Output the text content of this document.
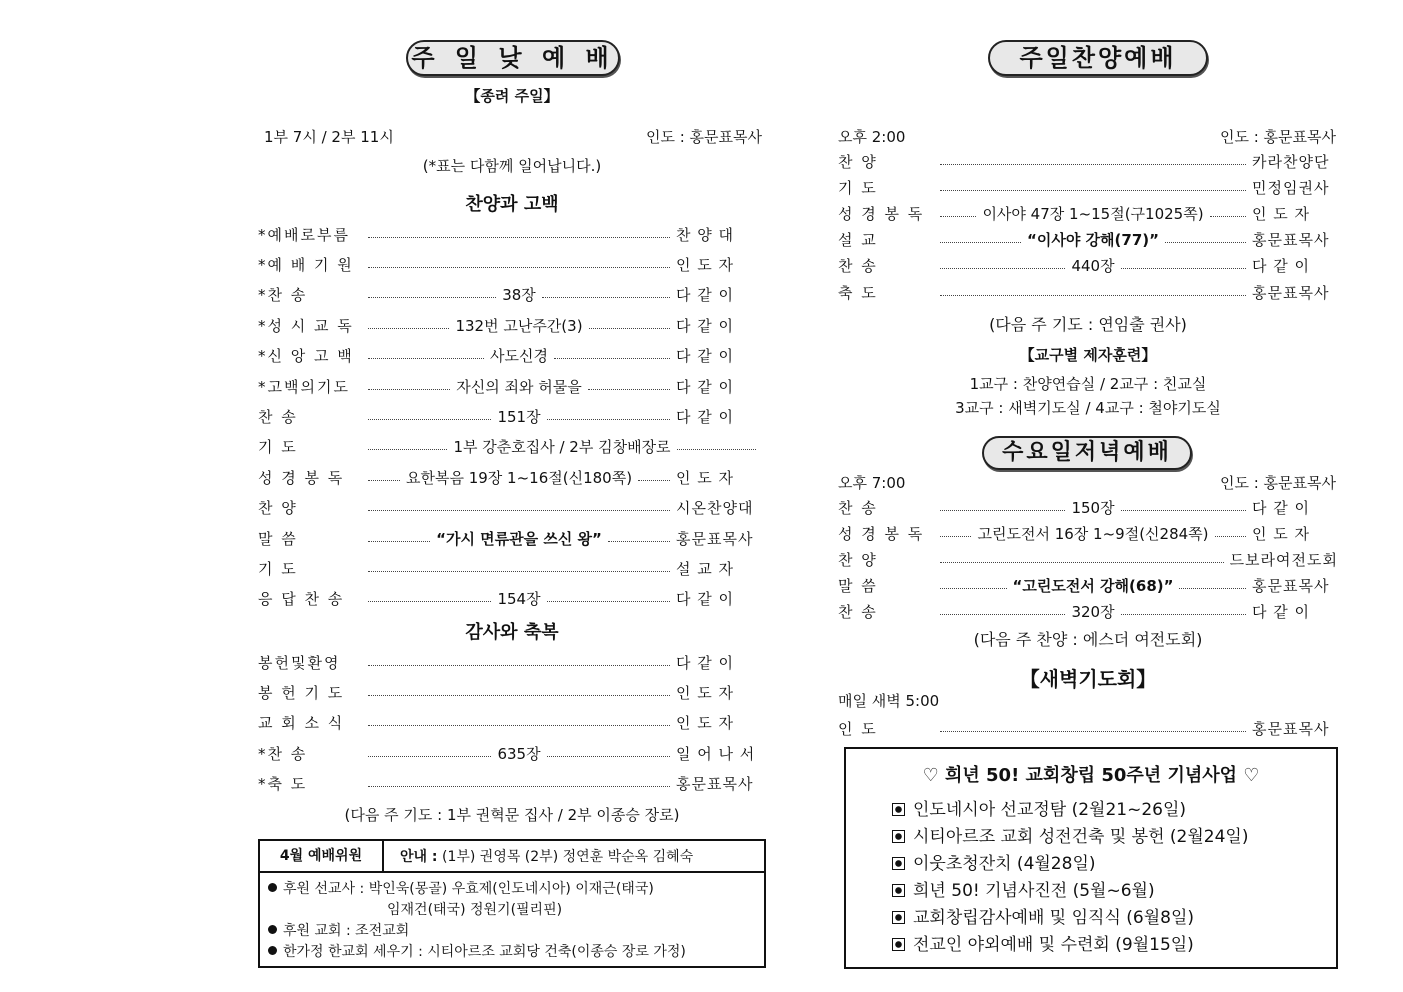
주 일 낮 예 배
【종려 주일】
1부 7시 / 2부 11시	인도 : 홍문표목사
(*표는 다함께 일어납니다.)
찬양과 고백
*예배로부름	찬 양 대
*예 배 기 원	인 도 자
*찬 송	38장	다 같 이
*성 시 교 독	132번 고난주간(3)	다 같 이
*신 앙 고 백	사도신경	다 같 이
*고백의기도	자신의 죄와 허물을	다 같 이
찬 송	151장	다 같 이
기 도	1부 강춘호집사 / 2부 김창배장로
성 경 봉 독	요한복음 19장 1~16절(신180쪽)	인 도 자
찬 양	시온찬양대
말 씀	“가시 면류관을 쓰신 왕”	홍문표목사
기 도	설 교 자
응 답 찬 송	154장	다 같 이
감사와 축복
봉헌및환영	다 같 이
봉 헌 기 도	인 도 자
교 회 소 식	인 도 자
*찬 송	635장	일 어 나 서
*축 도	홍문표목사
(다음 주 기도 : 1부 권혁문 집사 / 2부 이종승 장로)
4월 예배위원	안내 : (1부) 권영목 (2부) 정연훈 박순옥 김혜숙
후원 선교사 : 박인욱(몽골) 우효제(인도네시아) 이재근(태국)
임재건(태국) 정원기(필리핀)
후원 교회 : 조전교회
한가정 한교회 세우기 : 시티아르조 교회당 건축(이종승 장로 가정)
주일찬양예배
오후 2:00	인도 : 홍문표목사
찬 양	카라찬양단
기 도	민정임권사
성 경 봉 독	이사야 47장 1~15절(구1025쪽)	인 도 자
설 교	“이사야 강해(77)”	홍문표목사
찬 송	440장	다 같 이
축 도	홍문표목사
(다음 주 기도 : 연임출 권사)
【교구별 제자훈련】
1교구 : 찬양연습실 / 2교구 : 친교실
3교구 : 새벽기도실 / 4교구 : 철야기도실
수요일저녁예배
오후 7:00	인도 : 홍문표목사
찬 송	150장	다 같 이
성 경 봉 독	고린도전서 16장 1~9절(신284쪽)	인 도 자
찬 양	드보라여전도회
말 씀	“고린도전서 강해(68)”	홍문표목사
찬 송	320장	다 같 이
(다음 주 찬양 : 에스더 여전도회)
【새벽기도회】
매일 새벽 5:00
인 도	홍문표목사
♡ 희년 50! 교회창립 50주년 기념사업 ♡
인도네시아 선교정탐 (2월21~26일)
시티아르조 교회 성전건축 및 봉헌 (2월24일)
이웃초청잔치 (4월28일)
희년 50! 기념사진전 (5월~6월)
교회창립감사예배 및 임직식 (6월8일)
전교인 야외예배 및 수련회 (9월15일)
